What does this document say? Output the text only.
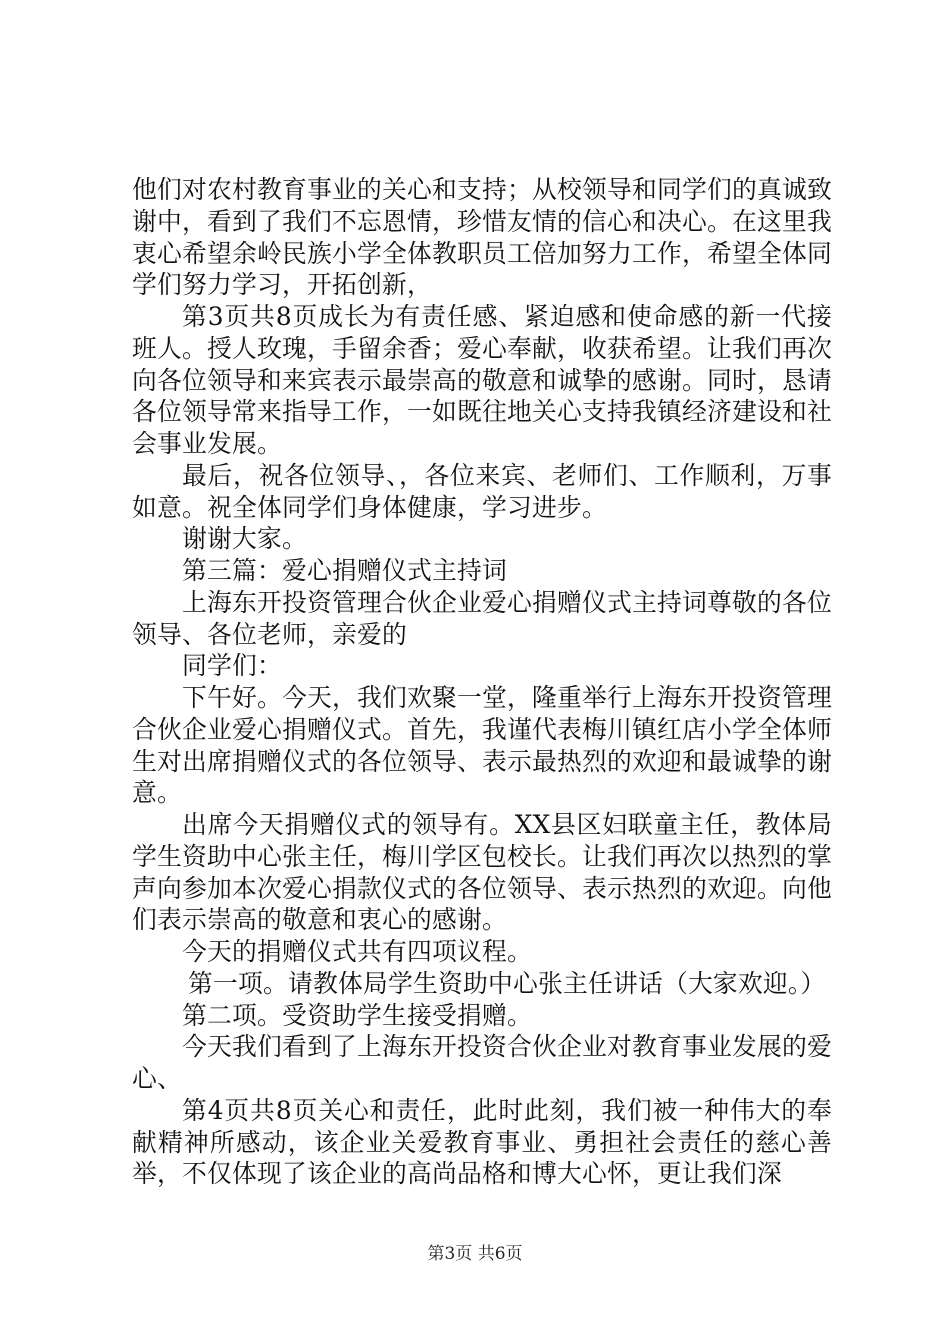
他们对农村教育事业的关心和支持；从校领导和同学们的真诚致谢中，看到了我们不忘恩情，珍惜友情的信心和决心。在这里我衷心希望余岭民族小学全体教职员工倍加努力工作，希望全体同学们努力学习，开拓创新，

第3页共8页成长为有责任感、紧迫感和使命感的新一代接班人。授人玫瑰，手留余香；爱心奉献，收获希望。让我们再次向各位领导和来宾表示最崇高的敬意和诚挚的感谢。同时，恳请各位领导常来指导工作，一如既往地关心支持我镇经济建设和社会事业发展。

最后，祝各位领导、，各位来宾、老师们、工作顺利，万事如意。祝全体同学们身体健康，学习进步。

谢谢大家。

第三篇：爱心捐赠仪式主持词

上海东开投资管理合伙企业爱心捐赠仪式主持词尊敬的各位领导、各位老师，亲爱的

同学们：

下午好。今天，我们欢聚一堂，隆重举行上海东开投资管理合伙企业爱心捐赠仪式。首先，我谨代表梅川镇红店小学全体师生对出席捐赠仪式的各位领导、表示最热烈的欢迎和最诚挚的谢意。

出席今天捐赠仪式的领导有。XX县区妇联童主任，教体局学生资助中心张主任，梅川学区包校长。让我们再次以热烈的掌声向参加本次爱心捐款仪式的各位领导、表示热烈的欢迎。向他们表示崇高的敬意和衷心的感谢。

今天的捐赠仪式共有四项议程。

第一项。请教体局学生资助中心张主任讲话（大家欢迎。）

第二项。受资助学生接受捐赠。

今天我们看到了上海东开投资合伙企业对教育事业发展的爱心、

第4页共8页关心和责任，此时此刻，我们被一种伟大的奉献精神所感动，该企业关爱教育事业、勇担社会责任的慈心善举，不仅体现了该企业的高尚品格和博大心怀，更让我们深

第3页 共6页
